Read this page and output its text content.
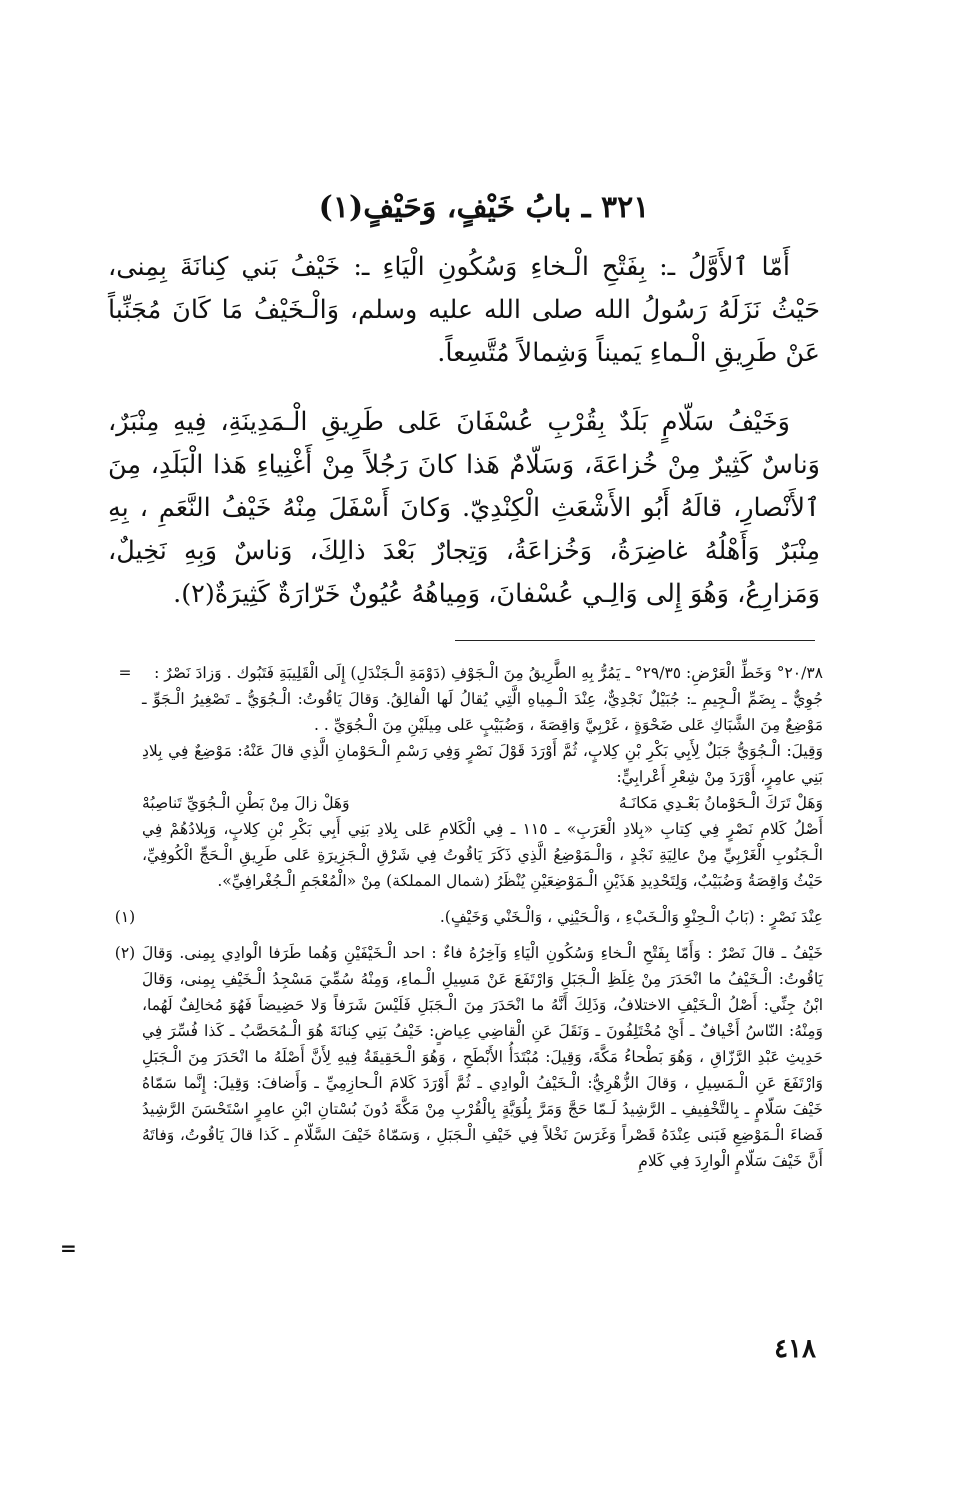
٣٢١ ـ بابُ خَيْفٍ، وَحَيْفٍ(١)

أَمّا ٱلأَوَّلُ ـ: بِفَتْحِ الْـخاءِ وَسُكُونِ الْيَاءِ ـ: خَيْفُ بَني كِنانَةَ بِمِنى، حَيْثُ نَزَلَهُ رَسُولُ الله صلى الله عليه وسلم، وَالْـخَيْفُ مَا كَانَ مُجَنِّباً عَنْ طَرِيقِ الْـماءِ يَميناً وَشِمالاً مُتَّسِعاً.

وَخَيْفُ سَلّامٍ بَلَدٌ بِقُرْبِ عُسْفَانَ عَلى طَرِيقِ الْـمَدِينَةِ، فِيهِ مِنْبَرٌ، وَناسٌ كَثِيرٌ مِنْ خُزاعَةَ، وَسَلّامٌ هَذا كانَ رَجُلاً مِنْ أَغْنِياءِ هَذا الْبَلَدِ، مِنَ ٱلأَنْصارِ، قالَهُ أَبُو الأَشْعَثِ الْكِنْدِيّ. وَكانَ أَسْفَلَ مِنْهُ خَيْفُ النَّعَمِ ، بِهِ مِنْبَرٌ وَأَهْلُهُ غاضِرَةُ، وَخُزاعَةُ، وَتِجارٌ بَعْدَ ذالِكَ، وَناسٌ وَبِهِ نَخِيلٌ، وَمَزارِعُ، وَهُوَ إِلى وَالِـي عُسْفانَ، وَمِياهُهُ عُيُونٌ خَرّارَةٌ كَثِيرَةٌ(٢).

=	٢٠/٣٨° وَخَطِّ الْعَرْضِ: ٢٩/٣٥° ـ يَمُرُّ بِهِ الطَّرِيقُ مِنَ الْـجَوْفِ (دَوْمَةِ الْـجَنْدَلِ) إِلَى الْقَلِيبَةِ فَتَبُوك . وَزادَ نَصْرٌ :

جُوِيٌّ ـ بِضَمِّ الْـجِيمِ ـ: جُبَيْلٌ نَجْدِيٌّ، عِنْدَ الْـمِياهِ الَّتِي يُقالُ لَها الْفالِقُ. وَقالَ يَاقُوتُ: الْـجُوَيُّ ـ تَصْغِيرُ الْـجَوِّ ـ مَوْضِعٌ مِنَ الشَّبَاكِ عَلى ضَحْوَةٍ ، غَرْبِيَّ وَاقِصَةَ ، وَضُبَيْبٍ عَلى مِيلَيْنِ مِنَ الْـجُوَيِّ . .

وَقِيلَ: الْـجُوَيُّ جَبَلٌ لِأَبِي بَكْرِ بْنِ كِلابٍ، ثُمَّ أَوْرَدَ قَوْلَ نَصْرٍ وَفِي رَسْمِ الْـحَوْمانِ الَّذِي قالَ عَنْهُ: مَوْضِعٌ فِي بِلادِ بَنِي عامِرٍ، أَوْرَدَ مِنْ شِعْرِ أَعْرابِيٍّ:

وَهَلْ تَرَكَ الْـحَوْمانُ بَعْـدِي مَكانَـهُ
وَهَلْ زالَ مِنْ بَطْنِ الْـجُوَيِّ تَناصِبُهْ

أَصْلُ كَلامِ نَصْرٍ فِي كِتابِ «بِلادِ الْعَرَبِ» ـ ١١٥ ـ فِي الْكَلامِ عَلى بِلادِ بَنِي أَبِي بَكْرِ بْنِ كِلابٍ، وَبِلادُهُمْ فِي الْـجَنُوبِ الْغَرْبِيِّ مِنْ عالِيَةِ نَجْدٍ ، وَالْـمَوْضِعُ الَّذِي ذَكَرَ يَاقُوتُ فِي شَرْقِ الْـجَزِيرَةِ عَلى طَرِيقِ الْـحَجِّ الْكُوفِيِّ، حَيْثُ وَاقِصَةُ وَضُبَيْبٌ، وَلِتَحْدِيدِ هَذَيْنِ الْـمَوْضِعَيْنِ يُنْظَرُ (شمال المملكة) مِنْ «الْمُعْجَمِ الْـجُغْرافِيِّ».

(١)	عِنْدَ نَصْرٍ : (بَابُ الْـحِنْوِ وَالْـخَبْءِ ، وَالْـحَيْنِي ، وَالْـخَنْي وَخَيْفٍ).

(٢) خَيْفُ ـ قالَ نَصْرٌ : وَأَمّا بِفَتْحِ الْـخاءِ وَسُكُونِ الْيَاءِ وَآخِرُهُ فاءٌ : احد الْـخَيْفَيْنِ وَهُما طَرَفا الْوادِي بِمِنى. وَقالَ يَاقُوتُ: الْـخَيْفُ ما انْحَدَرَ مِنْ غِلَظِ الْـجَبَلِ وَارْتَفَعَ عَنْ مَسِيلِ الْـماءِ، وَمِنْهُ سُمِّيَ مَسْجِدُ الْـخَيْفِ بِمِنى، وَقالَ ابْنُ جِنِّي: أَصْلُ الْـخَيْفِ الاختلافُ، وَذَلِكَ أَنَّهُ ما انْحَدَرَ مِنَ الْـجَبَلِ فَلَيْسَ شَرَفاً وَلا حَضِيضاً فَهُوَ مُخالِفٌ لَهُما، وَمِنْهُ: النّاسُ أَخْيافٌ ـ أَيْ مُخْتَلِفُونَ ـ وَنَقَلَ عَنِ الْقاضِي عِياضٍ: خَيْفُ بَنِي كِنانَةَ هُوَ الْـمُحَصَّبُ ـ كَذا فُسِّرَ فِي حَدِيثِ عَبْدِ الرَّزّاقِ ، وَهُوَ بَطْحاءُ مَكَّةَ، وَقِيلَ: مُبْتَدَأُ الأَبْطَحِ ، وَهُوَ الْـحَقِيقَةُ فِيهِ لِأَنَّ أَصْلَهُ ما انْحَدَرَ مِنَ الْـجَبَلِ وَارْتَفَعَ عَنِ الْـمَسِيلِ ، وَقالَ الزُّهْرِيُّ: الْـخَيْفُ الْوادِي ـ ثُمَّ أَوْرَدَ كَلامَ الْـحازِمِيِّ ـ وَأَضافَ: وَقِيلَ: إِنَّما سَمّاهُ خَيْفَ سَلّامٍ ـ بِالتَّخْفِيفِ ـ الرَّشِيدُ لَـمّا حَجَّ وَمَرَّ بِلُوَيَّةٍ بِالْقُرْبِ مِنْ مَكَّةَ دُونَ بُسْتانِ ابْنِ عامِرٍ اسْتَحْسَنَ الرَّشِيدُ فَضاءَ الْـمَوْضِعِ فَبَنى عِنْدَهُ قَصْراً وَغَرَسَ نَخْلاً فِي خَيْفِ الْـجَبَلِ ، وَسَمّاهُ خَيْفَ السَّلّامِ ـ كَذا قالَ يَاقُوتُ، وَفاتَهُ أَنَّ خَيْفَ سَلّامٍ الْوارِدَ فِي كَلامِ

=
٤١٨
